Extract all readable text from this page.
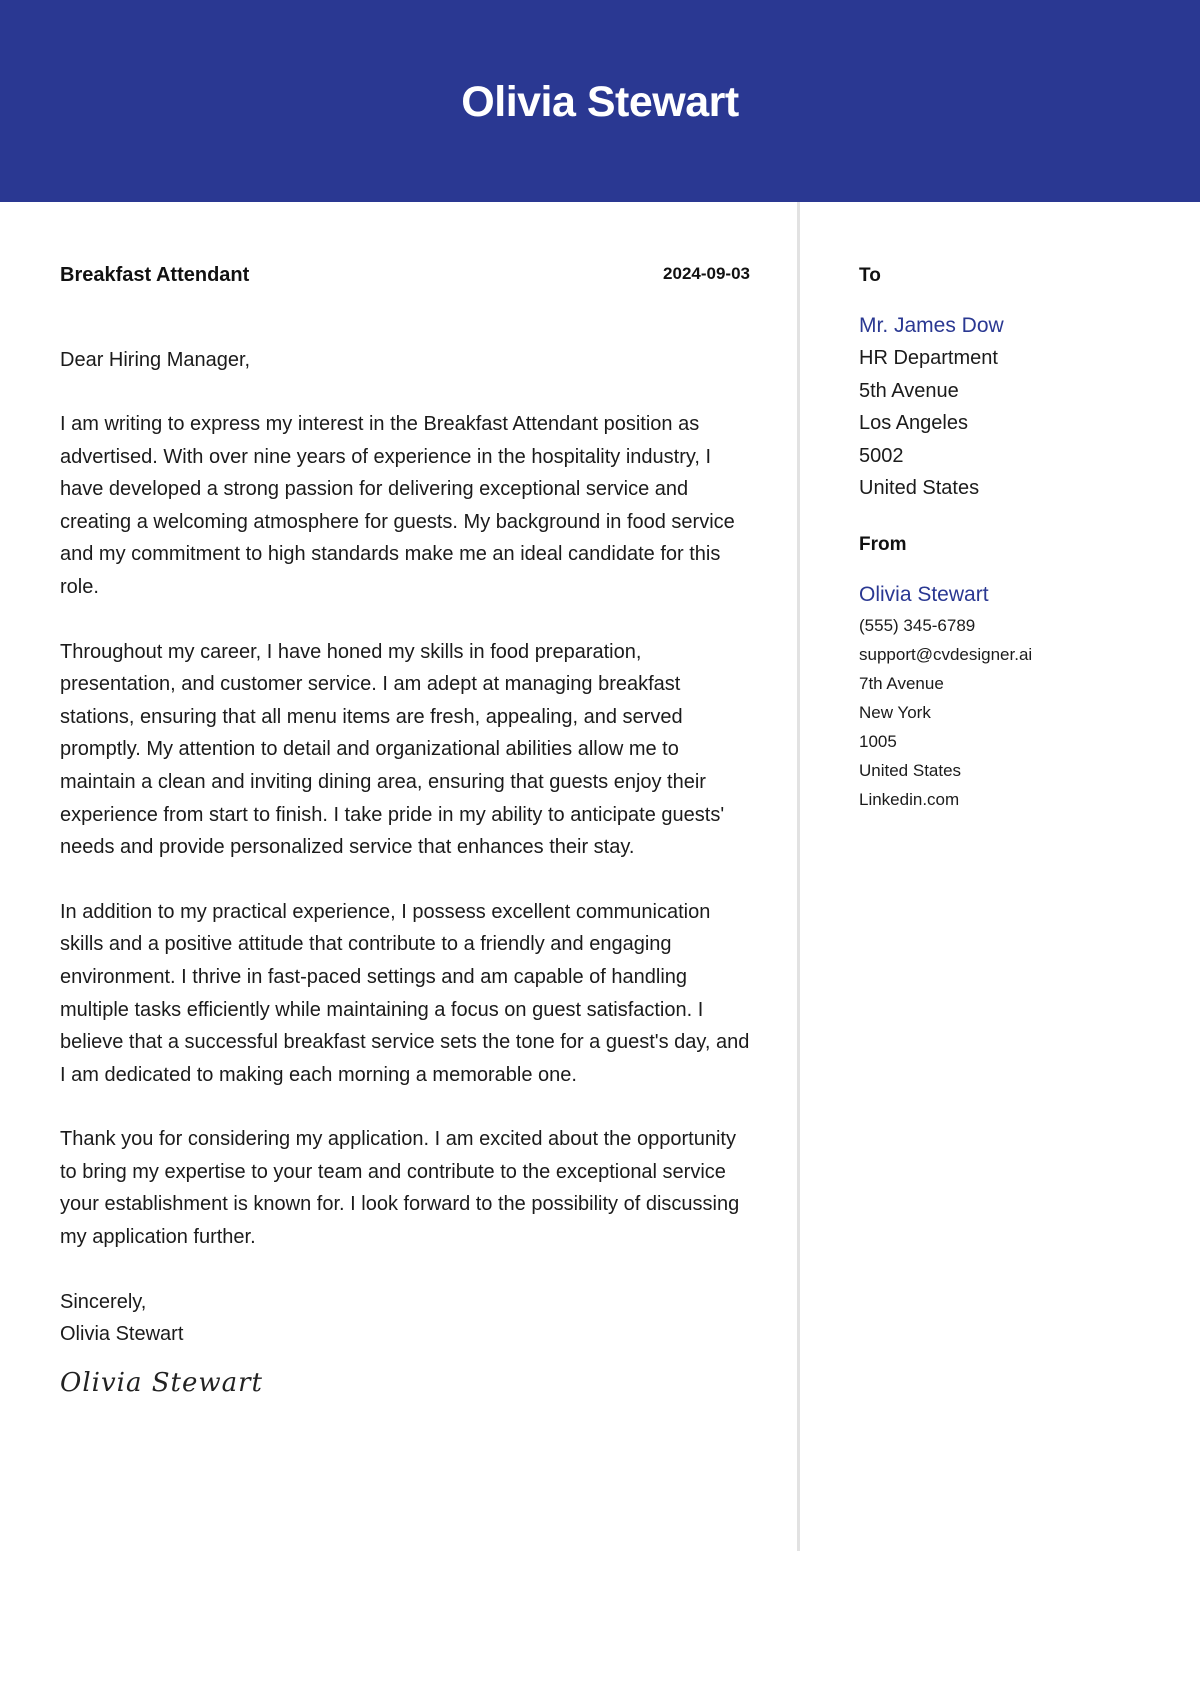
Olivia Stewart
Breakfast Attendant	2024-09-03
Dear Hiring Manager,
I am writing to express my interest in the Breakfast Attendant position as advertised. With over nine years of experience in the hospitality industry, I have developed a strong passion for delivering exceptional service and creating a welcoming atmosphere for guests. My background in food service and my commitment to high standards make me an ideal candidate for this role.
Throughout my career, I have honed my skills in food preparation, presentation, and customer service. I am adept at managing breakfast stations, ensuring that all menu items are fresh, appealing, and served promptly. My attention to detail and organizational abilities allow me to maintain a clean and inviting dining area, ensuring that guests enjoy their experience from start to finish. I take pride in my ability to anticipate guests' needs and provide personalized service that enhances their stay.
In addition to my practical experience, I possess excellent communication skills and a positive attitude that contribute to a friendly and engaging environment. I thrive in fast-paced settings and am capable of handling multiple tasks efficiently while maintaining a focus on guest satisfaction. I believe that a successful breakfast service sets the tone for a guest's day, and I am dedicated to making each morning a memorable one.
Thank you for considering my application. I am excited about the opportunity to bring my expertise to your team and contribute to the exceptional service your establishment is known for. I look forward to the possibility of discussing my application further.
Sincerely,
Olivia Stewart
Olivia Stewart
To
Mr. James Dow
HR Department
5th Avenue
Los Angeles
5002
United States
From
Olivia Stewart
(555) 345-6789
support@cvdesigner.ai
7th Avenue
New York
1005
United States
Linkedin.com
